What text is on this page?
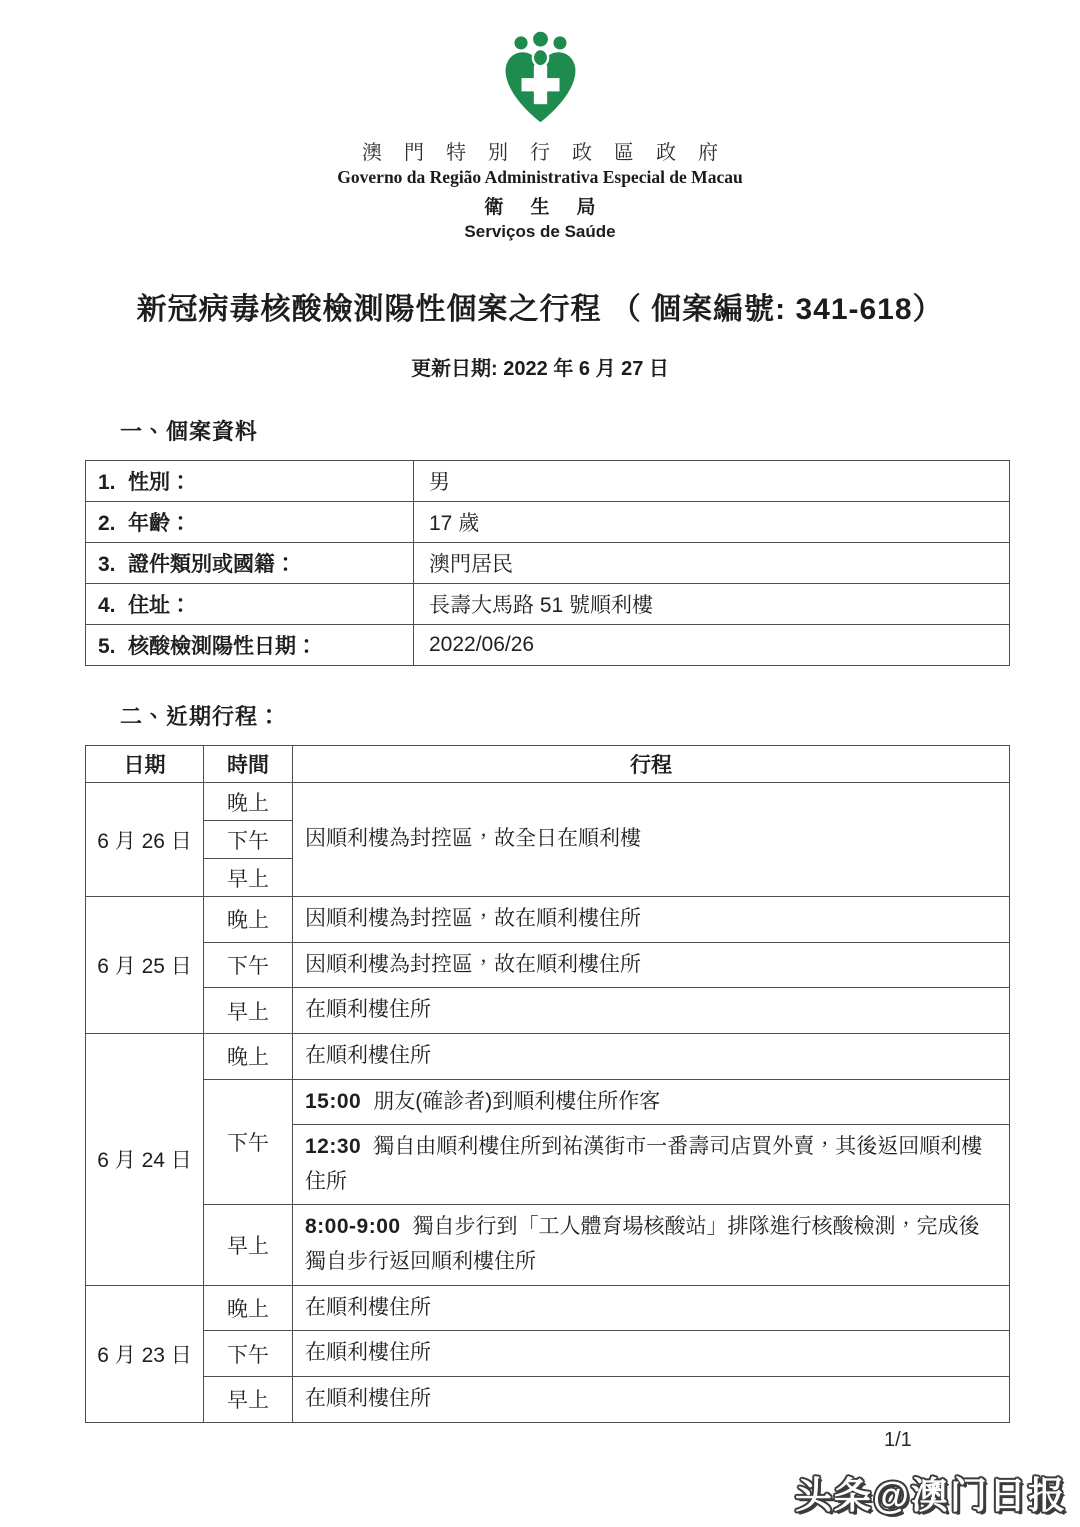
澳門特別行政區政府
Governo da Região Administrativa Especial de Macau
衛生局
Serviços de Saúde
新冠病毒核酸檢測陽性個案之行程 （ 個案編號: 341-618）
更新日期: 2022 年 6 月 27 日
一、個案資料
1. 性別：	男
2. 年齡：	17 歲
3. 證件類別或國籍：	澳門居民
4. 住址：	長壽大馬路 51 號順利樓
5. 核酸檢測陽性日期：	2022/06/26
二、近期行程：
日期	時間	行程
6 月 26 日	晚上	因順利樓為封控區，故全日在順利樓
	下午	
	早上	
6 月 25 日	晚上	因順利樓為封控區，故在順利樓住所
	下午	因順利樓為封控區，故在順利樓住所
	早上	在順利樓住所
6 月 24 日	晚上	在順利樓住所
	下午	15:00 朋友(確診者)到順利樓住所作客
		12:30 獨自由順利樓住所到祐漢街市一番壽司店買外賣，其後返回順利樓住所
	早上	8:00-9:00 獨自步行到「工人體育場核酸站」排隊進行核酸檢測，完成後獨自步行返回順利樓住所
6 月 23 日	晚上	在順利樓住所
	下午	在順利樓住所
	早上	在順利樓住所
1/1
头条@澳门日报
